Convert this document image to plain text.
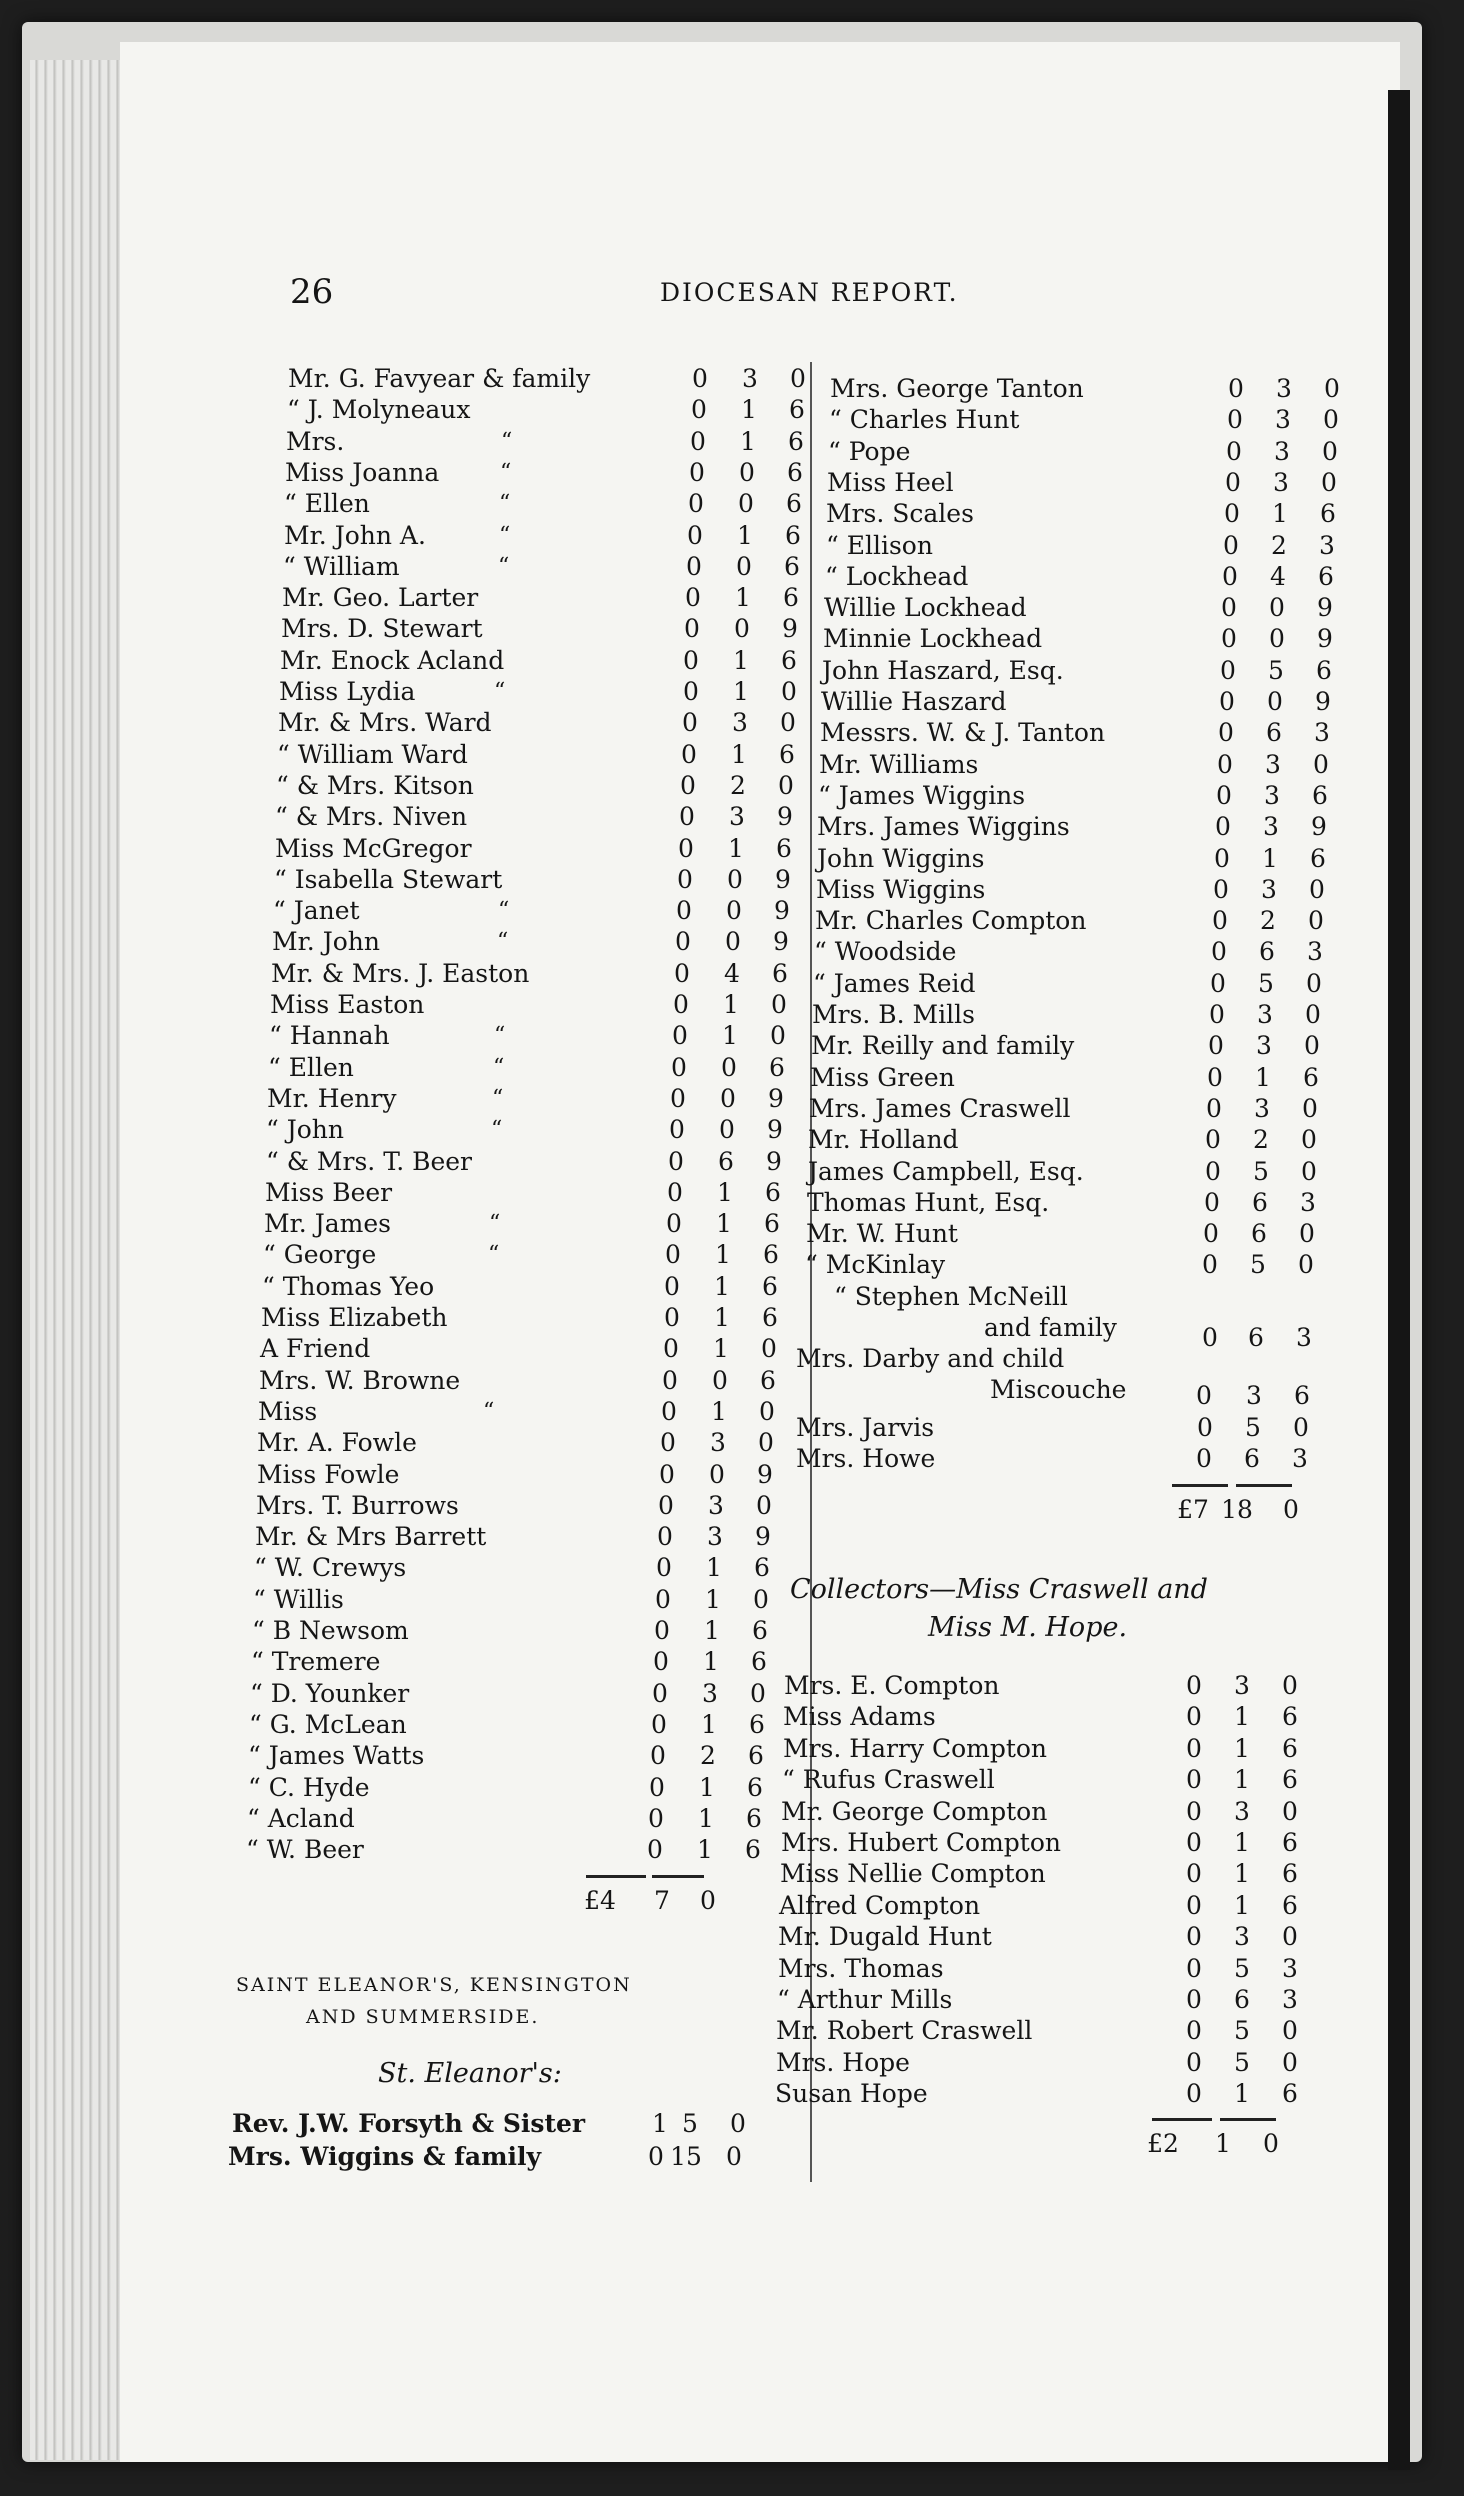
26	DIOCESAN REPORT.
Mr. G. Favyear & family	0 3 0
“ J. Molyneaux	0 1 6
Mrs.	“	0 1 6
Miss Joanna	“	0 0 6
“ Ellen	“	0 0 6
Mr. John A.	“	0 1 6
“ William	“	0 0 6
Mr. Geo. Larter	0 1 6
Mrs. D. Stewart	0 0 9
Mr. Enock Acland	0 1 6
Miss Lydia	“	0 1 0
Mr. & Mrs. Ward	0 3 0
“ William Ward	0 1 6
“ & Mrs. Kitson	0 2 0
“ & Mrs. Niven	0 3 9
Miss McGregor	0 1 6
“ Isabella Stewart	0 0 9
“ Janet	“	0 0 9
Mr. John	“	0 0 9
Mr. & Mrs. J. Easton	0 4 6
Miss Easton	0 1 0
“ Hannah	“	0 1 0
“ Ellen	“	0 0 6
Mr. Henry	“	0 0 9
“ John	“	0 0 9
“ & Mrs. T. Beer	0 6 9
Miss Beer	0 1 6
Mr. James	“	0 1 6
“ George	“	0 1 6
“ Thomas Yeo	0 1 6
Miss Elizabeth	0 1 6
A Friend	0 1 0
Mrs. W. Browne	0 0 6
Miss	“	0 1 0
Mr. A. Fowle	0 3 0
Miss Fowle	0 0 9
Mrs. T. Burrows	0 3 0
Mr. & Mrs Barrett	0 3 9
“ W. Crewys	0 1 6
“ Willis	0 1 0
“ B Newsom	0 1 6
“ Tremere	0 1 6
“ D. Younker	0 3 0
“ G. McLean	0 1 6
“ James Watts	0 2 6
“ C. Hyde	0 1 6
“ Acland	0 1 6
“ W. Beer	0 1 6
£4	7	0
SAINT ELEANOR'S, KENSINGTON
AND SUMMERSIDE.
St. Eleanor's:
Rev. J.W. Forsyth & Sister	1 5	0
Mrs. Wiggins & family	0 15 0
Mrs. George Tanton	0 3 0
“ Charles Hunt	0 3 0
“ Pope	0 3 0
Miss Heel	0 3 0
Mrs. Scales	0 1 6
“ Ellison	0 2 3
“ Lockhead	0 4 6
Willie Lockhead	0 0 9
Minnie Lockhead	0 0 9
John Haszard, Esq.	0 5 6
Willie Haszard	0 0 9
Messrs. W. & J. Tanton	0 6 3
Mr. Williams	0 3 0
“ James Wiggins	0 3 6
Mrs. James Wiggins	0 3 9
John Wiggins	0 1 6
Miss Wiggins	0 3 0
Mr. Charles Compton	0 2 0
“ Woodside	0 6 3
“ James Reid	0 5 0
Mrs. B. Mills	0 3 0
Mr. Reilly and family	0 3 0
Miss Green	0 1 6
Mrs. James Craswell	0 3 0
Mr. Holland	0 2 0
James Campbell, Esq.	0 5 0
Thomas Hunt, Esq.	0 6 3
Mr. W. Hunt	0 6 0
“ McKinlay	0 5 0
“ Stephen McNeill
and family	0 6 3
Mrs. Darby and child
Miscouche	0 3 6
Mrs. Jarvis	0 5 0
Mrs. Howe	0 6 3
£7 18	0
Collectors—Miss Craswell and
Miss M. Hope.
Mrs. E. Compton	0 3 0
Miss Adams	0 1 6
Mrs. Harry Compton	0 1 6
“ Rufus Craswell	0 1 6
Mr. George Compton	0 3 0
Mrs. Hubert Compton	0 1 6
Miss Nellie Compton	0 1 6
Alfred Compton	0 1 6
Mr. Dugald Hunt	0 3 0
Mrs. Thomas	0 5 3
“ Arthur Mills	0 6 3
Mr. Robert Craswell	0 5 0
Mrs. Hope	0 5 0
Susan Hope	0 1 6
£2	1	0
